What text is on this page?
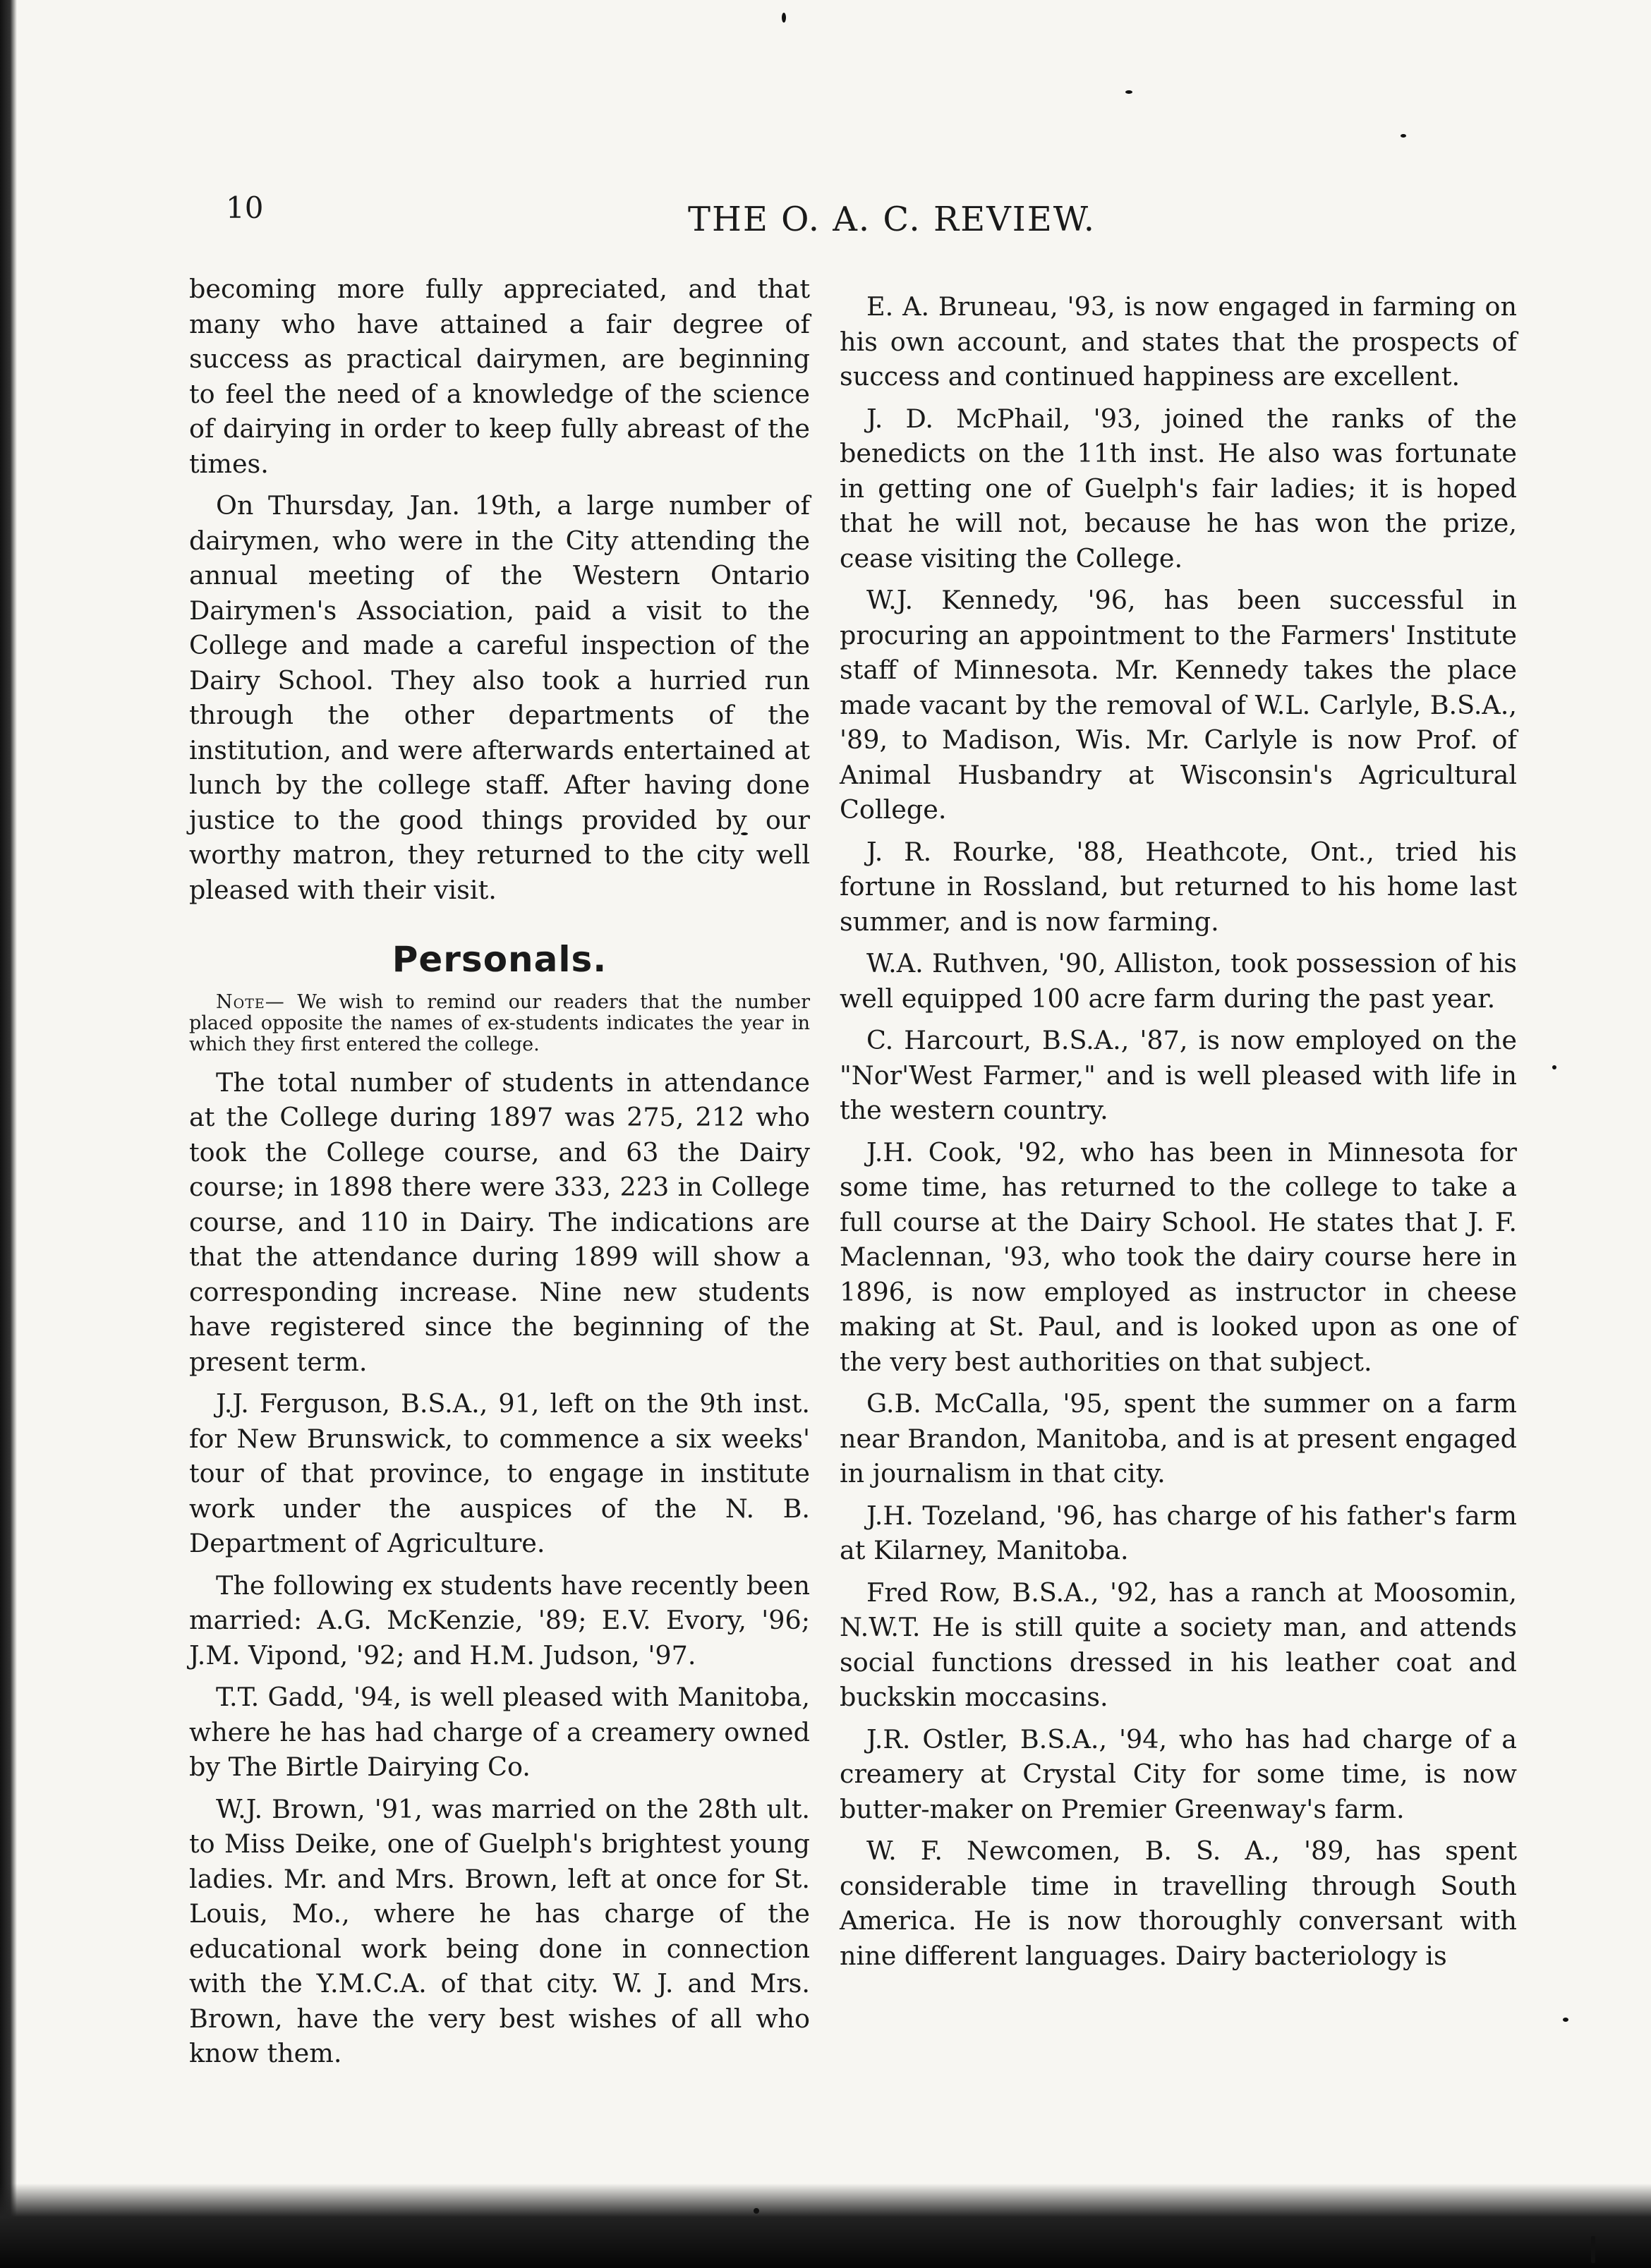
10	THE O. A. C. REVIEW.

becoming more fully appreciated, and that many who have attained a fair degree of success as practical dairymen, are beginning to feel the need of a knowledge of the science of dairying in order to keep fully abreast of the times.

On Thursday, Jan. 19th, a large number of dairymen, who were in the City attending the annual meeting of the Western Ontario Dairymen's Association, paid a visit to the College and made a careful inspection of the Dairy School. They also took a hurried run through the other departments of the institution, and were afterwards entertained at lunch by the college staff. After having done justice to the good things provided by our worthy matron, they returned to the city well pleased with their visit.

Personals.
Note— We wish to remind our readers that the number placed opposite the names of ex-students indicates the year in which they first entered the college.

The total number of students in attendance at the College during 1897 was 275, 212 who took the College course, and 63 the Dairy course; in 1898 there were 333, 223 in College course, and 110 in Dairy. The indications are that the attendance during 1899 will show a corresponding increase. Nine new students have registered since the beginning of the present term.

J.J. Ferguson, B.S.A., 91, left on the 9th inst. for New Brunswick, to commence a six weeks' tour of that province, to engage in institute work under the auspices of the N. B. Department of Agriculture.

The following ex students have recently been married: A.G. McKenzie, '89; E.V. Evory, '96; J.M. Vipond, '92; and H.M. Judson, '97.

T.T. Gadd, '94, is well pleased with Manitoba, where he has had charge of a creamery owned by The Birtle Dairying Co.

W.J. Brown, '91, was married on the 28th ult. to Miss Deike, one of Guelph's brightest young ladies. Mr. and Mrs. Brown, left at once for St. Louis, Mo., where he has charge of the educational work being done in connection with the Y.M.C.A. of that city. W. J. and Mrs. Brown, have the very best wishes of all who know them.

E. A. Bruneau, '93, is now engaged in farming on his own account, and states that the prospects of success and continued happiness are excellent.

J. D. McPhail, '93, joined the ranks of the benedicts on the 11th inst. He also was fortunate in getting one of Guelph's fair ladies; it is hoped that he will not, because he has won the prize, cease visiting the College.

W.J. Kennedy, '96, has been successful in procuring an appointment to the Farmers' Institute staff of Minnesota. Mr. Kennedy takes the place made vacant by the removal of W.L. Carlyle, B.S.A., '89, to Madison, Wis. Mr. Carlyle is now Prof. of Animal Husbandry at Wisconsin's Agricultural College.

J. R. Rourke, '88, Heathcote, Ont., tried his fortune in Rossland, but returned to his home last summer, and is now farming.

W.A. Ruthven, '90, Alliston, took possession of his well equipped 100 acre farm during the past year.

C. Harcourt, B.S.A., '87, is now employed on the "Nor'West Farmer," and is well pleased with life in the western country.

J.H. Cook, '92, who has been in Minnesota for some time, has returned to the college to take a full course at the Dairy School. He states that J. F. Maclennan, '93, who took the dairy course here in 1896, is now employed as instructor in cheese making at St. Paul, and is looked upon as one of the very best authorities on that subject.

G.B. McCalla, '95, spent the summer on a farm near Brandon, Manitoba, and is at present engaged in journalism in that city.

J.H. Tozeland, '96, has charge of his father's farm at Kilarney, Manitoba.

Fred Row, B.S.A., '92, has a ranch at Moosomin, N.W.T. He is still quite a society man, and attends social functions dressed in his leather coat and buckskin moccasins.

J.R. Ostler, B.S.A., '94, who has had charge of a creamery at Crystal City for some time, is now butter-maker on Premier Greenway's farm.

W. F. Newcomen, B. S. A., '89, has spent considerable time in travelling through South America. He is now thoroughly conversant with nine different languages. Dairy bacteriology is
